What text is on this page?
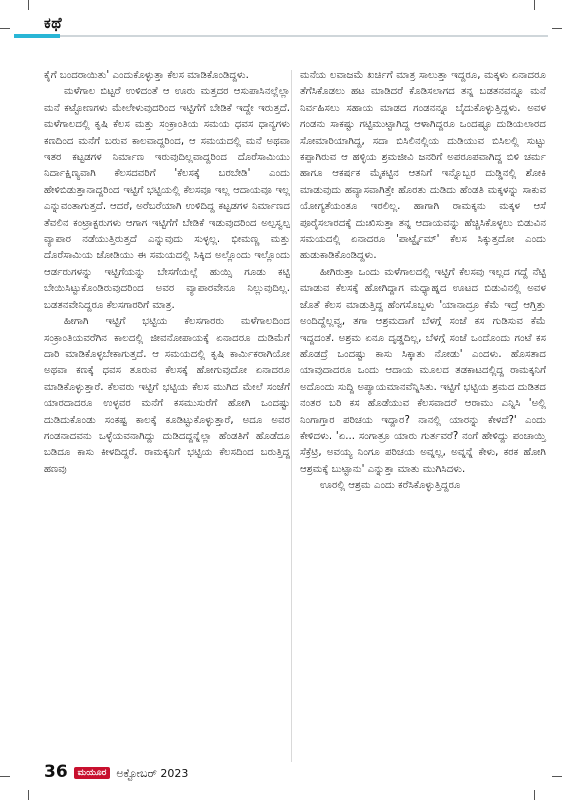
ಕಥೆ

ಕೈಗೆ ಬಂದರಾಯಿತು' ಎಂದುಕೊಳ್ಳುತ್ತಾ ಕೆಲಸ ಮಾಡಿಕೊಂಡಿದ್ದಳು.

ಮಳೆಗಾಲ ಬಿಟ್ಟರೆ ಉಳಿದಂತೆ ಆ ಊರು ಮತ್ತದರ ಆಸುಪಾಸಿನಲ್ಲೆಲ್ಲಾ ಮನೆ ಕಟ್ಟೋಣಗಳು ಮೇಲೇಳುವುದರಿಂದ ಇಟ್ಟಿಗೆಗೆ ಬೇಡಿಕೆ ಇದ್ದೇ ಇರುತ್ತದೆ. ಮಳೆಗಾಲದಲ್ಲಿ ಕೃಷಿ ಕೆಲಸ ಮತ್ತು ಸಂಕ್ರಾಂತಿಯ ಸಮಯ ಧವಸ ಧಾನ್ಯಗಳು ಕಣದಿಂದ ಮನೆಗೆ ಬರುವ ಕಾಲವಾದ್ದರಿಂದ, ಆ ಸಮಯದಲ್ಲಿ ಮನೆ ಅಥವಾ ಇತರ ಕಟ್ಟಡಗಳ ನಿರ್ಮಾಣ ಇರುವುದಿಲ್ಲವಾದ್ದರಿಂದ ದೊರೆಸಾಮಿಯು ನಿರ್ದಾಕ್ಷಿಣ್ಯವಾಗಿ ಕೆಲಸದವರಿಗೆ 'ಕೆಲಸಕ್ಕೆ ಬರಬೇಡಿ' ಎಂದು ಹೇಳಿಬಿಡುತ್ತಾನಾದ್ದರಿಂದ ಇಟ್ಟಿಗೆ ಭಟ್ಟಿಯಲ್ಲಿ ಕೆಲಸವೂ ಇಲ್ಲ ಆದಾಯವೂ ಇಲ್ಲ ಎನ್ನುವಂತಾಗುತ್ತದೆ. ಆದರೆ, ಅರೆಬರೆಯಾಗಿ ಉಳಿದಿದ್ದ ಕಟ್ಟಡಗಳ ನಿರ್ಮಾಣದ ತೆವಲಿನ ಕಂಟ್ರಾಕ್ಟರುಗಳು ಆಗಾಗ ಇಟ್ಟಿಗೆಗೆ ಬೇಡಿಕೆ ಇಡುವುದರಿಂದ ಅಲ್ಪಸ್ವಲ್ಪ ವ್ಯಾಪಾರ ನಡೆಯುತ್ತಿರುತ್ತದೆ ಎನ್ನುವುದು ಸುಳ್ಳಲ್ಲ. ಭೀಮಣ್ಣ ಮತ್ತು ದೊರೆಸಾಮಿಯ ಜೋಡಿಯು ಈ ಸಮಯದಲ್ಲಿ ಸಿಕ್ಕಿದ ಅಲ್ಲೊಂದು ಇಲ್ಲೊಂದು ಆರ್ಡರುಗಳನ್ನು ಇಟ್ಟಿಗೆಯನ್ನು ಬೇಸಗೆಯಲ್ಲೆ ಹುಯ್ಸಿ ಗೂಡು ಕಟ್ಟಿ ಬೇಯಿಸಿಟ್ಟುಕೊಂಡಿರುವುದರಿಂದ ಅವರ ವ್ಯಾಪಾರವೇನೂ ನಿಲ್ಲುವುದಿಲ್ಲ. ಬಡತನವೇನಿದ್ದರೂ ಕೆಲಸಗಾರರಿಗೆ ಮಾತ್ರ.

ಹೀಗಾಗಿ ಇಟ್ಟಿಗೆ ಭಟ್ಟಿಯ ಕೆಲಸಗಾರರು ಮಳೆಗಾಲದಿಂದ ಸಂಕ್ರಾಂತಿಯವರೆಗಿನ ಕಾಲದಲ್ಲಿ ಜೀವನೋಪಾಯಕ್ಕೆ ಏನಾದರೂ ದುಡಿಮೆಗೆ ದಾರಿ ಮಾಡಿಕೊಳ್ಳಬೇಕಾಗುತ್ತದೆ. ಆ ಸಮಯದಲ್ಲಿ ಕೃಷಿ ಕಾರ್ಮಿಕರಾಗಿಯೋ ಅಥವಾ ಕಣಕ್ಕೆ ಧವಸ ತೂರುವ ಕೆಲಸಕ್ಕೆ ಹೋಗುವುದೋ ಏನಾದರೂ ಮಾಡಿಕೊಳ್ಳುತ್ತಾರೆ. ಕೆಲವರು ಇಟ್ಟಿಗೆ ಭಟ್ಟಿಯ ಕೆಲಸ ಮುಗಿದ ಮೇಲೆ ಸಂಜೆಗೆ ಯಾರದಾದರೂ ಉಳ್ಳವರ ಮನೆಗೆ ಕಸಮುಸುರೆಗೆ ಹೋಗಿ ಒಂದಷ್ಟು ದುಡಿದುಕೊಂಡು ಸಂಕಷ್ಟ ಕಾಲಕ್ಕೆ ಕೂಡಿಟ್ಟುಕೊಳ್ಳುತ್ತಾರೆ, ಅದೂ ಅವರ ಗಂಡನಾದವನು ಒಳ್ಳೆಯವನಾಗಿದ್ದು ದುಡಿದದ್ದನ್ನೆಲ್ಲಾ ಹೆಂಡತಿಗೆ ಹೊಡೆದೂ ಬಡಿದೂ ಕಾಸು ಕೀಳದಿದ್ದರೆ. ರಾಮಕ್ಕನಿಗೆ ಭಟ್ಟಿಯ ಕೆಲಸದಿಂದ ಬರುತ್ತಿದ್ದ ಹಣವು

ಮನೆಯ ಲವಾಜಮೆ ಖರ್ಚಿಗೆ ಮಾತ್ರ ಸಾಲುತ್ತಾ ಇದ್ದರೂ, ಮಕ್ಕಳು ಏನಾದರೂ ತೆಗೆಸಿಕೊಡಲು ಹಟ ಮಾಡಿದರೆ ಕೊಡಿಸಲಾಗದ ತನ್ನ ಬಡತನವನ್ನೂ ಮನೆ ನಿರ್ವಹಿಸಲು ಸಹಾಯ ಮಾಡದ ಗಂಡನನ್ನೂ ಬೈದುಕೊಳ್ಳುತ್ತಿದ್ದಳು. ಅವಳ ಗಂಡನು ಸಾಕಷ್ಟು ಗಟ್ಟಿಮುಟ್ಟಾಗಿದ್ದ ಆಳಾಗಿದ್ದರೂ ಒಂದಷ್ಟೂ ದುಡಿಯಲಾರದ ಸೋಮಾರಿಯಾಗಿದ್ದ, ಸದಾ ಬಿಸಿಲಿನಲ್ಲಿಯ ದುಡಿಯುವ ಬಿಸಿಲಲ್ಲಿ ಸುಟ್ಟು ಕಪ್ಪಾಗಿರುವ ಆ ಹಳ್ಳಿಯ ಶ್ರಮಜೀವಿ ಜನರಿಗೆ ಅಪರೂಪವಾಗಿದ್ದ ಬಿಳಿ ಚರ್ಮ ಹಾಗೂ ಆಕರ್ಷಕ ಮೈಕಟ್ಟಿನ ಆತನಿಗೆ ಇನ್ನೊಬ್ಬರ ದುಡ್ಡಿನಲ್ಲಿ ಶೋಕಿ ಮಾಡುವುದು ಹವ್ಯಾಸವಾಗಿತ್ತೇ ಹೊರತು ದುಡಿದು ಹೆಂಡತಿ ಮಕ್ಕಳನ್ನು ಸಾಕುವ ಯೋಗ್ಯತೆಯಂತೂ ಇರಲಿಲ್ಲ. ಹಾಗಾಗಿ ರಾಮಕ್ಕನು ಮಕ್ಕಳ ಆಸೆ ಪೂರೈಸಲಾರದಕ್ಕೆ ದುಃಖಿಸುತ್ತಾ ತನ್ನ ಆದಾಯವನ್ನು ಹೆಚ್ಚಿಸಿಕೊಳ್ಳಲು ಬಿಡುವಿನ ಸಮಯದಲ್ಲಿ ಏನಾದರೂ 'ಪಾರ್ಟ್ಟೈಮ್' ಕೆಲಸ ಸಿಕ್ಕುತ್ತದೋ ಎಂದು ಹುಡುಕಾಡಿಕೊಂಡಿದ್ದಳು.

ಹೀಗಿರುತ್ತಾ ಒಂದು ಮಳೆಗಾಲದಲ್ಲಿ ಇಟ್ಟಿಗೆ ಕೆಲಸವು ಇಲ್ಲದ ಗದ್ದೆ ನೆಟ್ಟಿ ಮಾಡುವ ಕೆಲಸಕ್ಕೆ ಹೋಗಿದ್ದಾಗ ಮಧ್ಯಾಹ್ನದ ಊಟದ ಬಿಡುವಿನಲ್ಲಿ ಅವಳ ಜೊತೆ ಕೆಲಸ ಮಾಡುತ್ತಿದ್ದ ಹೆಂಗಸೊಬ್ಬಳು 'ಯಾನಾದ್ರೂ ಕೆಮೆ ಇದ್ರೆ ಆಗ್ತಿತ್ತು ಅಂದಿದ್ದೆಲ್ಲವ್ವ, ತಗಾ ಆಶ್ರಮದಾಗೆ ಬೆಳಗ್ಗೆ ಸಂಜೆ ಕಸ ಗುಡಿಸುವ ಕೆಮೆ ಇದ್ದದಂತೆ. ಅಶ್ರಮ ಏನೂ ದೃಡ್ಡದಿಲ್ಲ, ಬೆಳಗ್ಗೆ ಸಂಜೆ ಒಂದೊಂದು ಗಂಟೆ ಕಸ ಹೊಡದ್ರೆ ಒಂದಷ್ಟು ಕಾಸು ಸಿಕ್ಕಾತು ನೋಡು' ಎಂದಳು. ಹೊಸತಾದ ಯಾವುದಾದರೂ ಒಂದು ಆದಾಯ ಮೂಲದ ತಡಕಾಟದಲ್ಲಿದ್ದ ರಾಮಕ್ಕನಿಗೆ ಅದೊಂದು ಸುದ್ದಿ ಅಪ್ಯಾಯಮಾನವೆನ್ನಿಸಿತು. ಇಟ್ಟಿಗೆ ಭಟ್ಟಿಯ ಶ್ರಮದ ದುಡಿತದ ನಂತರ ಬರಿ ಕಸ ಹೊಡೆಯುವ ಕೆಲಸವಾದರೆ ಆರಾಮು ಎನ್ನಿಸಿ 'ಅಲ್ಲಿ ನಿಂಗಾಗ್ತಾರ ಪರಿಚಯ ಇದ್ದಾರ? ನಾನಲ್ಲಿ ಯಾರನ್ನು ಕೇಳದೆ?' ಎಂದು ಕೇಳಿದಳು. 'ಏ... ಸಂಗಾತ್ರೂ ಯಾರು ಗುರ್ತವರೆ? ನಂಗೆ ಹೇಳಿದ್ದು ಪಂಚಾಯ್ತಿ ಸೆಕ್ರೆಟ್ರಿ, ಅವಯ್ಯ ನಿಂಗೂ ಪರಿಚಯ ಅವ್ನಲ್ಲ, ಅವ್ನನ್ನೆ ಕೇಳು, ಕರಕ ಹೋಗಿ ಆಶ್ರಮಕ್ಕೆ ಬುಟ್ಟಾನು' ಎನ್ನುತ್ತಾ ಮಾತು ಮುಗಿಸಿದಳು.

ಊರಲ್ಲಿ ಆಶ್ರಮ ಎಂದು ಕರೆಸಿಕೊಳ್ಳುತ್ತಿದ್ದರೂ

36	ಮಯೂರ ಅಕ್ಟೋಬರ್ 2023
